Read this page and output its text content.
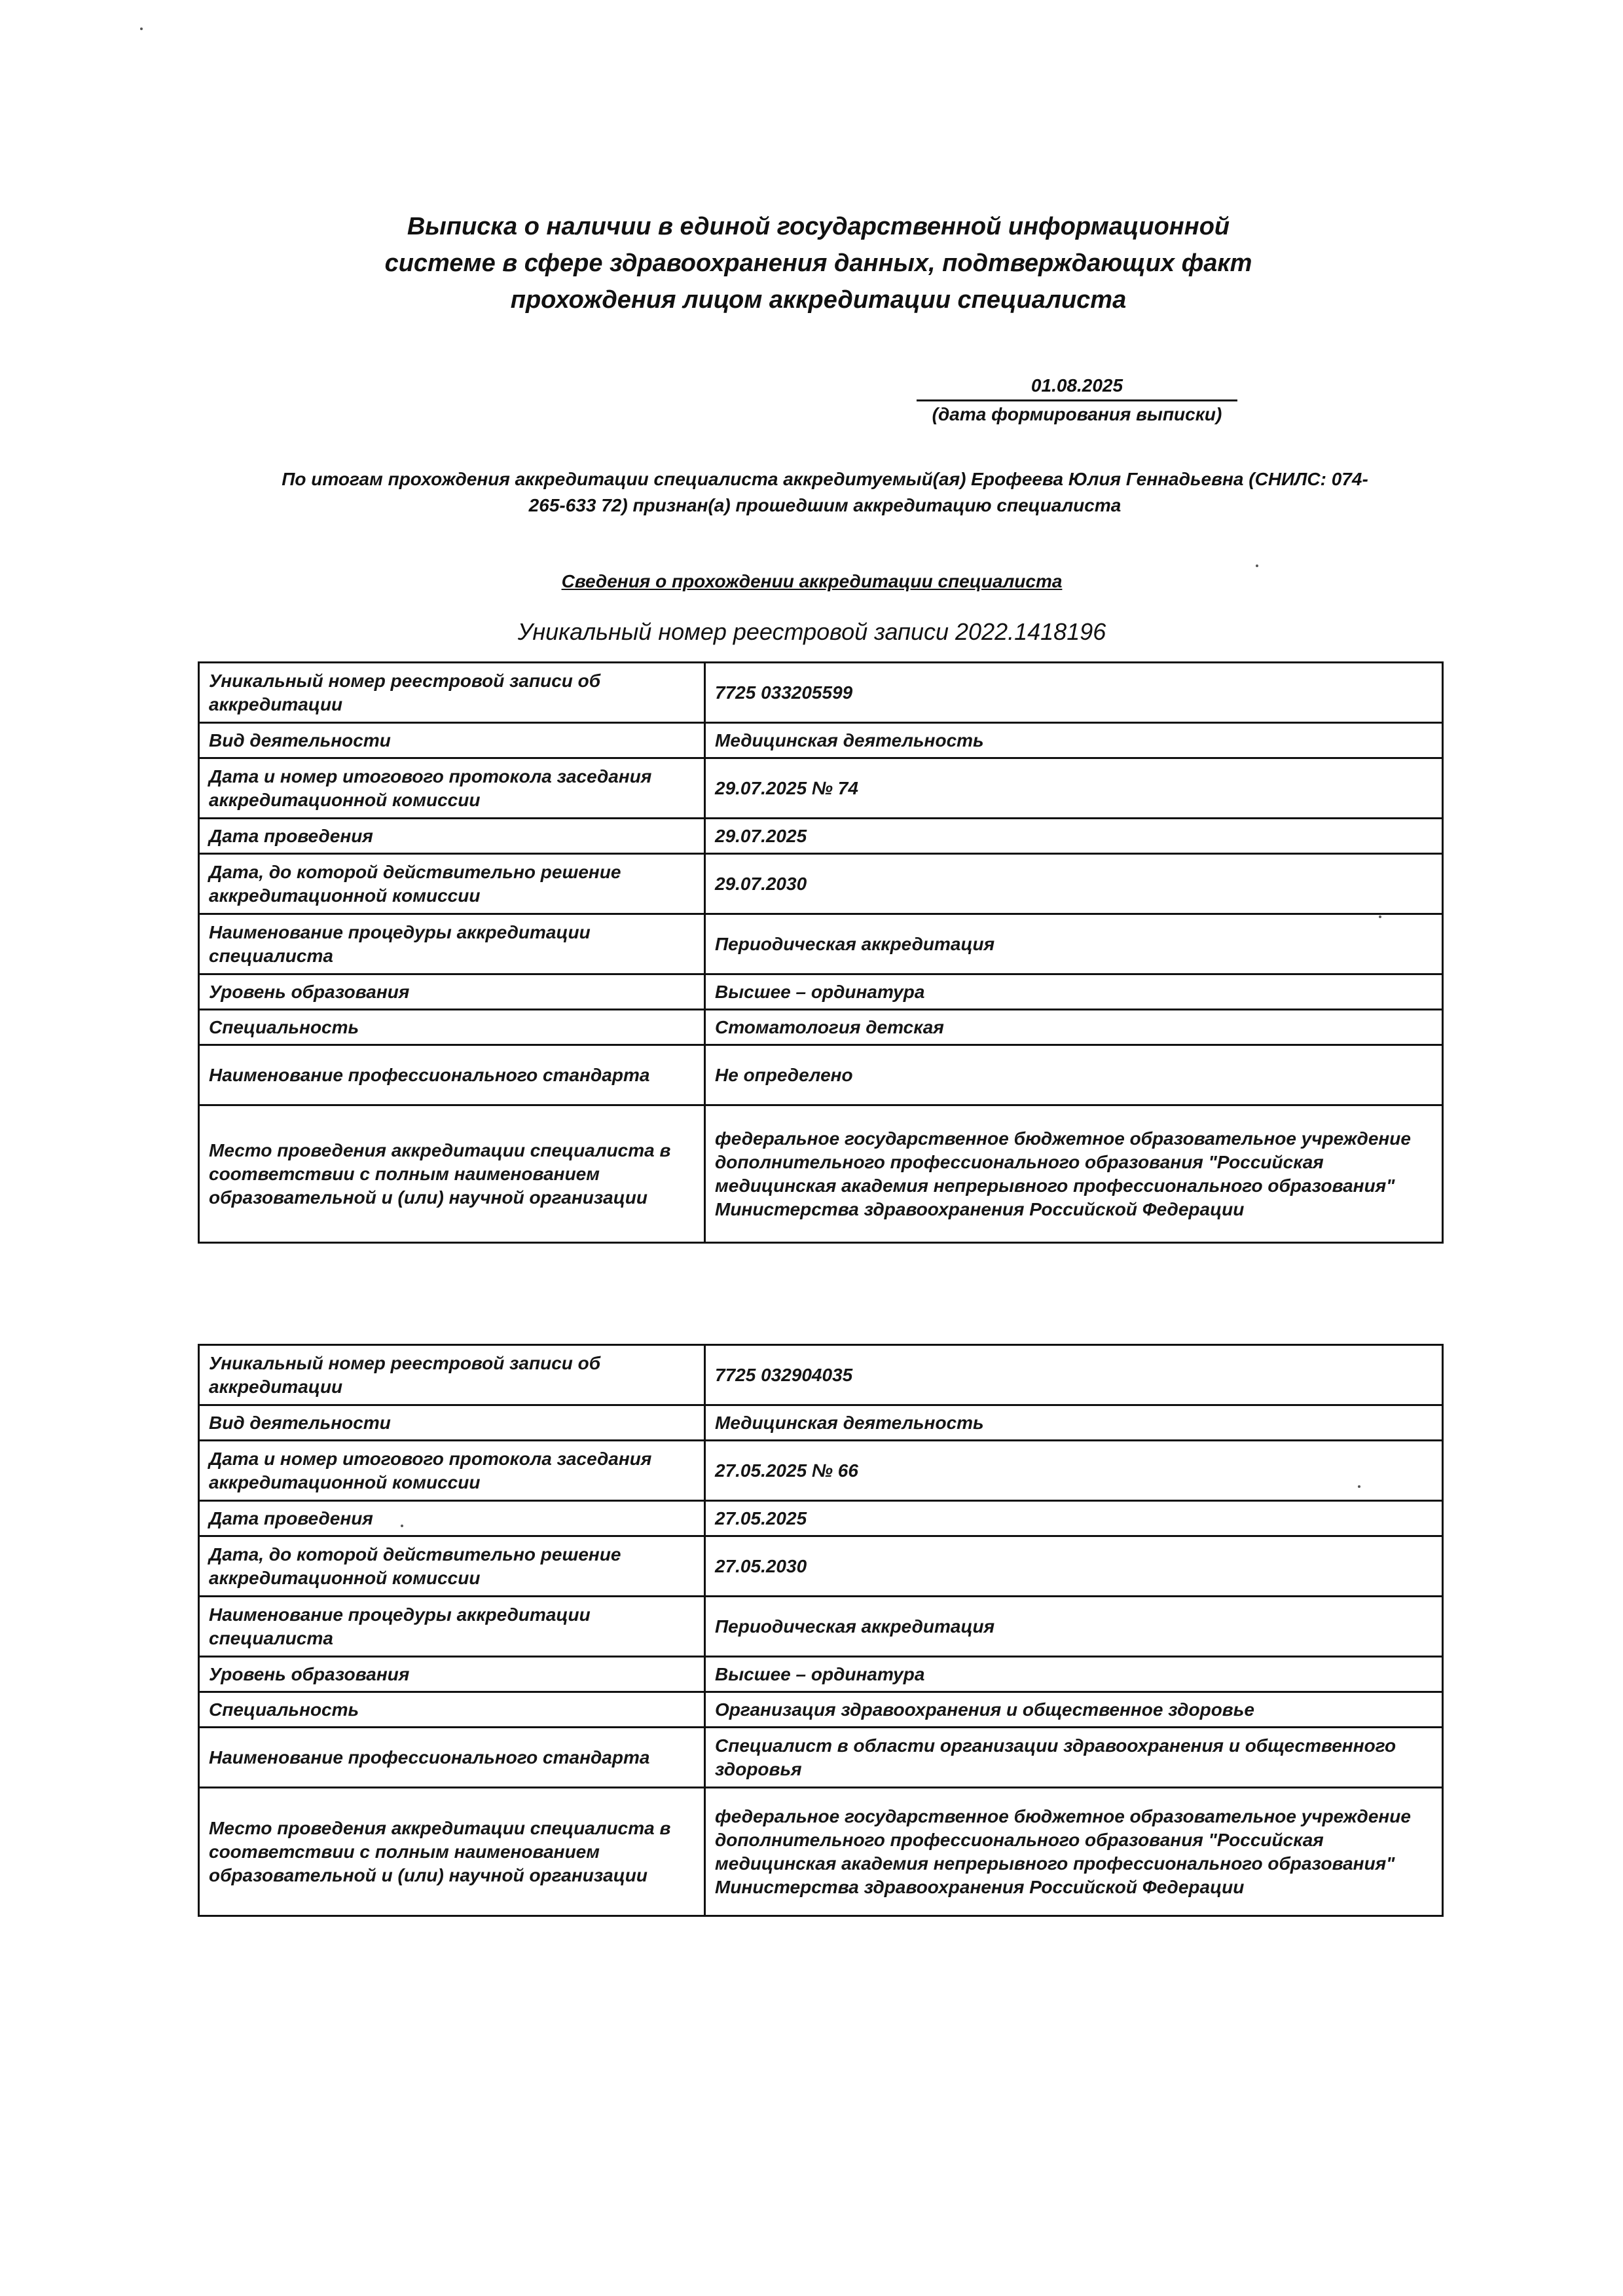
Выписка о наличии в единой государственной информационной
системе в сфере здравоохранения данных, подтверждающих факт
прохождения лицом аккредитации специалиста
01.08.2025
(дата формирования выписки)
По итогам прохождения аккредитации специалиста аккредитуемый(ая) Ерофеева Юлия Геннадьевна (СНИЛС: 074-
265-633 72) признан(а) прошедшим аккредитацию специалиста
Сведения о прохождении аккредитации специалиста
Уникальный номер реестровой записи 2022.1418196
Уникальный номер реестровой записи об аккредитации	7725 033205599
Вид деятельности	Медицинская деятельность
Дата и номер итогового протокола заседания аккредитационной комиссии	29.07.2025 № 74
Дата проведения	29.07.2025
Дата, до которой действительно решение аккредитационной комиссии	29.07.2030
Наименование процедуры аккредитации специалиста	Периодическая аккредитация
Уровень образования	Высшее – ординатура
Специальность	Стоматология детская
Наименование профессионального стандарта	Не определено
Место проведения аккредитации специалиста в соответствии с полным наименованием образовательной и (или) научной организации	федеральное государственное бюджетное образовательное учреждение дополнительного профессионального образования "Российская медицинская академия непрерывного профессионального образования" Министерства здравоохранения Российской Федерации
Уникальный номер реестровой записи об аккредитации	7725 032904035
Вид деятельности	Медицинская деятельность
Дата и номер итогового протокола заседания аккредитационной комиссии	27.05.2025 № 66
Дата проведения	27.05.2025
Дата, до которой действительно решение аккредитационной комиссии	27.05.2030
Наименование процедуры аккредитации специалиста	Периодическая аккредитация
Уровень образования	Высшее – ординатура
Специальность	Организация здравоохранения и общественное здоровье
Наименование профессионального стандарта	Специалист в области организации здравоохранения и общественного здоровья
Место проведения аккредитации специалиста в соответствии с полным наименованием образовательной и (или) научной организации	федеральное государственное бюджетное образовательное учреждение дополнительного профессионального образования "Российская медицинская академия непрерывного профессионального образования" Министерства здравоохранения Российской Федерации
